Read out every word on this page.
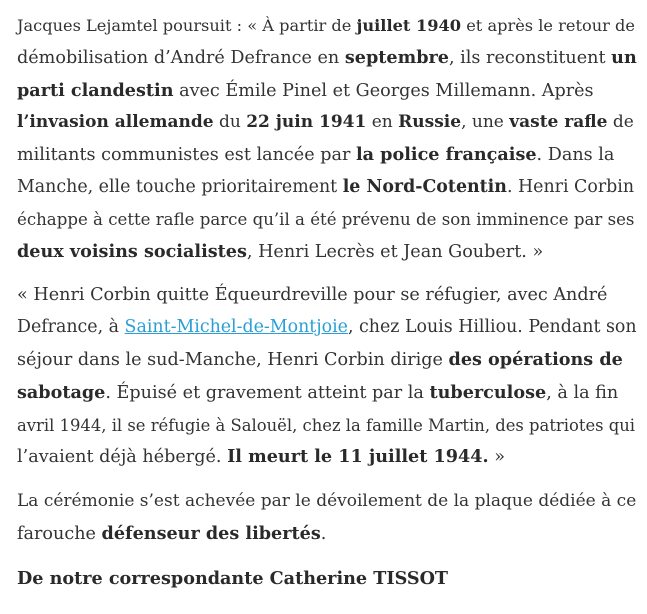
Jacques Lejamtel poursuit : « À partir de juillet 1940 et après le retour de
démobilisation d’André Defrance en septembre, ils reconstituent un
parti clandestin avec Émile Pinel et Georges Millemann. Après
l’invasion allemande du 22 juin 1941 en Russie, une vaste rafle de
militants communistes est lancée par la police française. Dans la
Manche, elle touche prioritairement le Nord-Cotentin. Henri Corbin
échappe à cette rafle parce qu’il a été prévenu de son imminence par ses
deux voisins socialistes, Henri Lecrès et Jean Goubert. »

« Henri Corbin quitte Équeurdreville pour se réfugier, avec André
Defrance, à Saint-Michel-de-Montjoie, chez Louis Hilliou. Pendant son
séjour dans le sud-Manche, Henri Corbin dirige des opérations de
sabotage. Épuisé et gravement atteint par la tuberculose, à la fin
avril 1944, il se réfugie à Salouël, chez la famille Martin, des patriotes qui
l’avaient déjà hébergé. Il meurt le 11 juillet 1944. »

La cérémonie s’est achevée par le dévoilement de la plaque dédiée à ce
farouche défenseur des libertés.

De notre correspondante Catherine TISSOT
